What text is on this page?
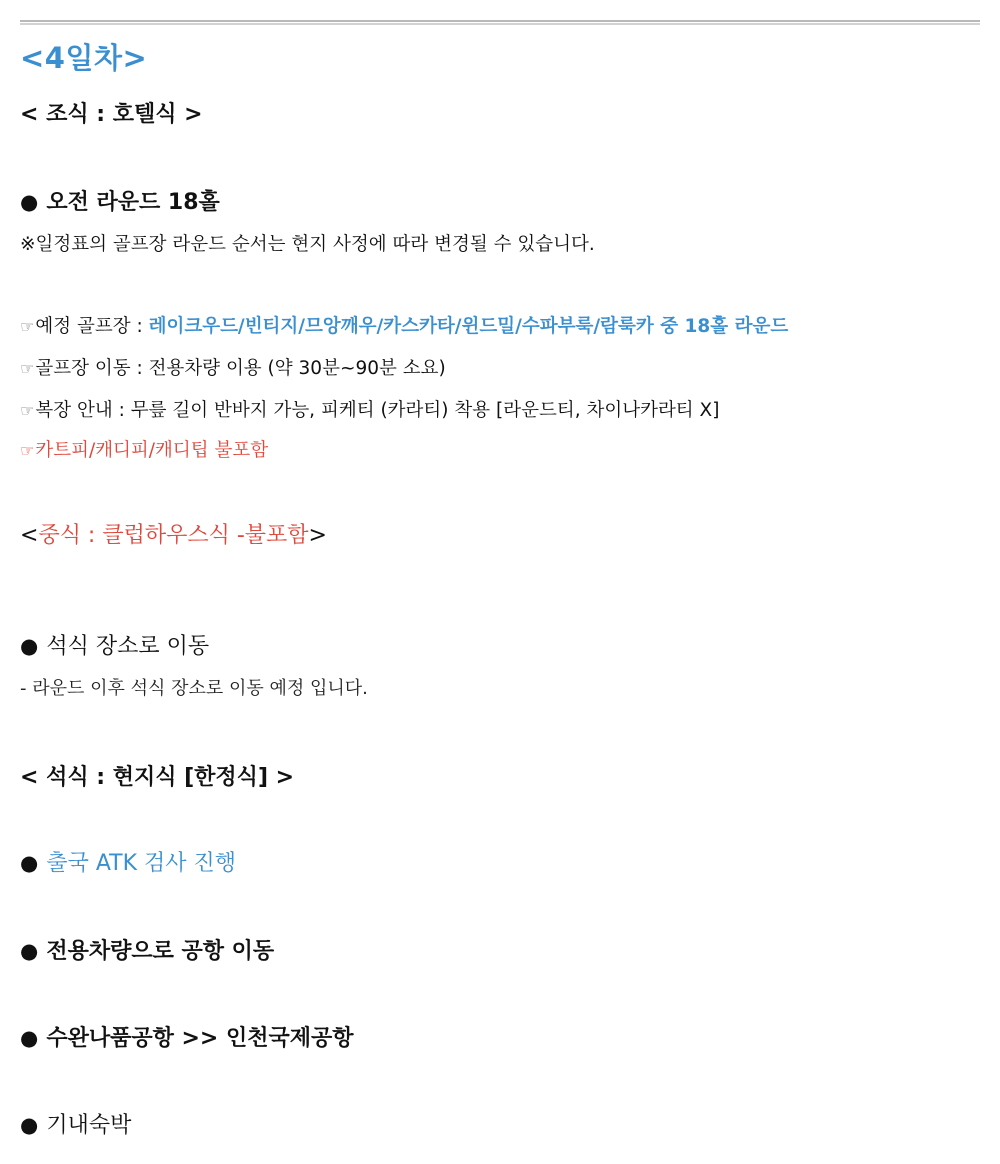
<4일차>
< 조식 : 호텔식 >
● 오전 라운드 18홀
※일정표의 골프장 라운드 순서는 현지 사정에 따라 변경될 수 있습니다.
☞예정 골프장 : 레이크우드/빈티지/므앙깨우/카스카타/윈드밀/수파부룩/람룩카 중 18홀 라운드
☞골프장 이동 : 전용차량 이용 (약 30분~90분 소요)
☞복장 안내 : 무릎 길이 반바지 가능, 피케티 (카라티) 착용 [라운드티, 차이나카라티 X]
☞카트피/캐디피/캐디팁 불포함
<중식 : 클럽하우스식 -불포함>
● 석식 장소로 이동
- 라운드 이후 석식 장소로 이동 예정 입니다.
< 석식 : 현지식 [한정식] >
● 출국 ATK 검사 진행
● 전용차량으로 공항 이동
● 수완나품공항 >> 인천국제공항
● 기내숙박
